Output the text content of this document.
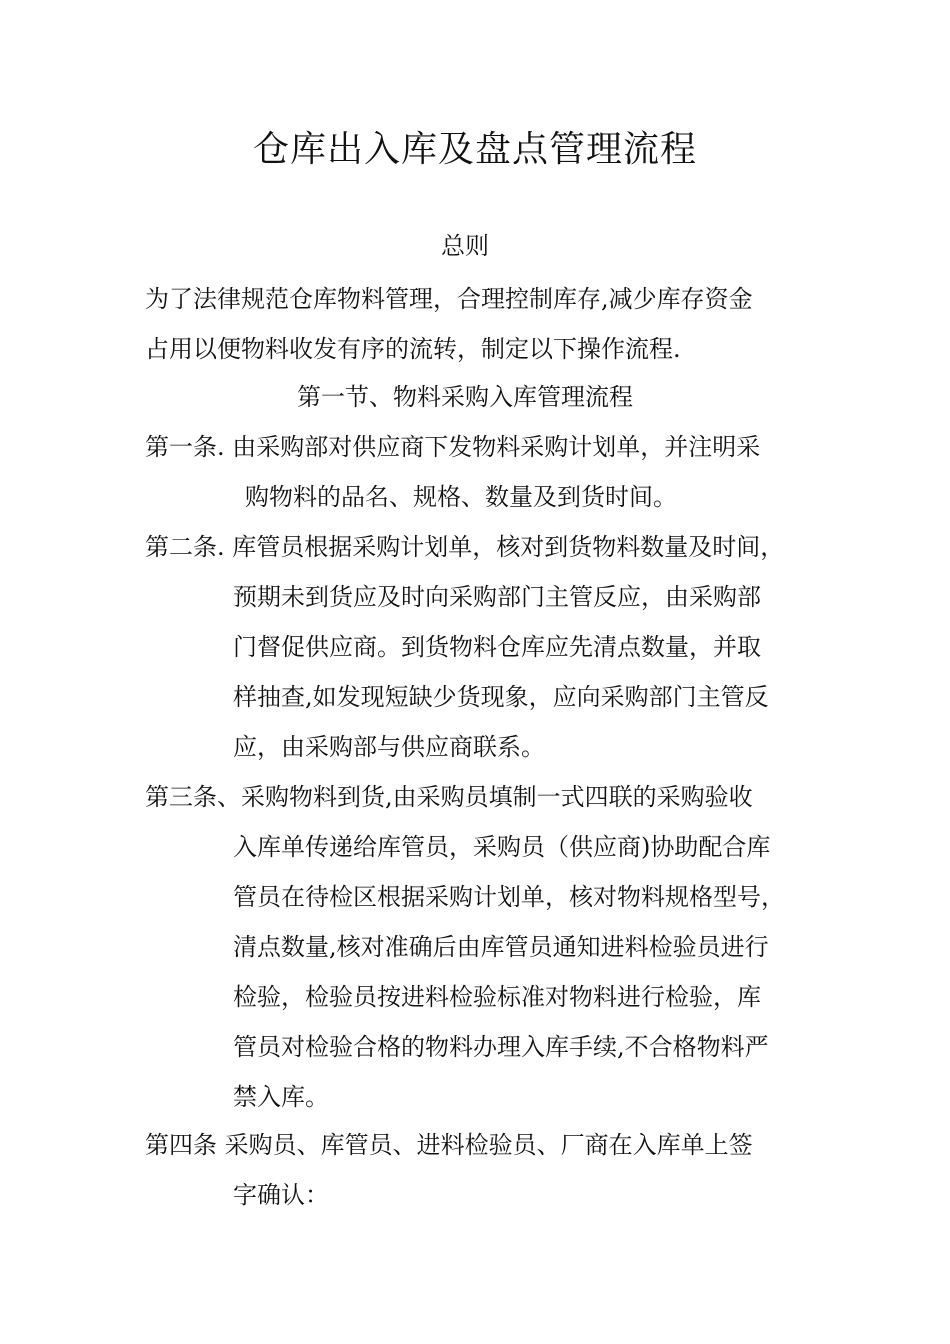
仓库出入库及盘点管理流程
总则
为了法律规范仓库物料管理，合理控制库存,减少库存资金
占用以便物料收发有序的流转，制定以下操作流程.
第一节、物料采购入库管理流程
第一条. 由采购部对供应商下发物料采购计划单，并注明采
购物料的品名、规格、数量及到货时间。
第二条. 库管员根据采购计划单，核对到货物料数量及时间，
预期未到货应及时向采购部门主管反应，由采购部
门督促供应商。到货物料仓库应先清点数量，并取
样抽查,如发现短缺少货现象，应向采购部门主管反
应，由采购部与供应商联系。
第三条、采购物料到货,由采购员填制一式四联的采购验收
入库单传递给库管员，采购员（供应商)协助配合库
管员在待检区根据采购计划单，核对物料规格型号，
清点数量,核对准确后由库管员通知进料检验员进行
检验，检验员按进料检验标准对物料进行检验，库
管员对检验合格的物料办理入库手续,不合格物料严
禁入库。
第四条 采购员、库管员、进料检验员、厂商在入库单上签
字确认：
